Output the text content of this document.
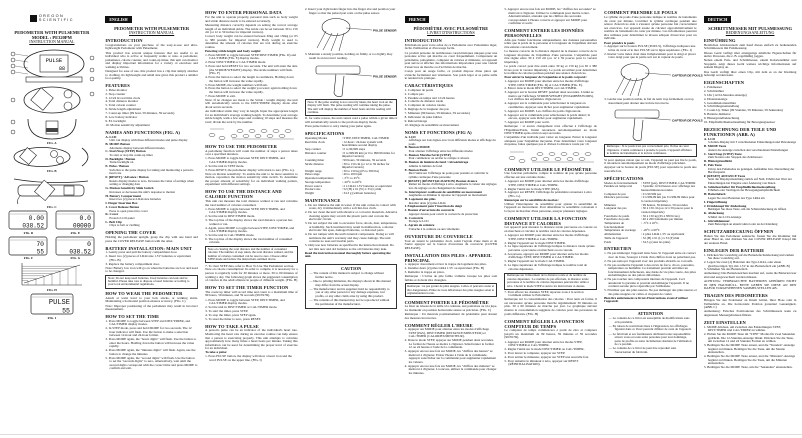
OREGON
SCIENTIFIC
PEDOMETER WITH PULSEMETER
MODEL : PE320PM
INSTRUCTION MANUAL
PULSE
88
FIG. A
FIG. B
FIG. C
0.00
038.52
FIG. D
0.0
00000
FIG. E
70
55
FIG. F
0
038.52
FIG. G
FIG. H
PULSE
55
FIG. I
ENGLISH
PEDOMETER WITH PULSEMETER
INSTRUCTION MANUAL
INTRODUCTION
Congratulations on your purchase of the easy-to-use and ultra-lightweight Pedometer with Pulsemeter.
This product has several unique features that are useful to an individual who is active or frequently walks or runs. A pedometer, pulsemeter, calorie counter, and count-up timer, this unit can monitor and display important information for a variety of exercises and walking activities.
Designed for ease of use, this product has a clip that simply attaches to clothing. Its lightweight and small size gives this product a smaller foot quality.
FEATURES
1. Pulse monitor
2. Step counter
3. 12/24 hr real time clock
4. Total distance monitor
5. Total calorie counter
6. Stride length adjustment
7. Count-up timer (99 hour, 59 minutes, 59 seconds)
8. Low battery indicator
9. EL backlight
10. Motion sensitivity adjustment
NAMES AND FUNCTIONS (FIG. A)
A. LCD
Unit can display with three different modes and pulse display
B. MODE Button
Alternates display between different modes
C. Start/Stop (STEP) Button
To start or stop the count-up timer
D. Backlight / Button
Turns backlight on
E. Pulse / Button
Switches to the pulse display for taking and monitoring a person's heart rate
F. [RESET] / Advance / Button
Resets display modes to zero. Increases the value of settings when setting or changing data
G. Motion Sensitivity Slide Switch
Increases or decreases the unit's response to motion
H. Battery Compartment
Insert two (2) pieces LR44 size batteries
I. Finger Insertion Box
J. Cover Release Button
Press to open protective cover
K. Cover
Protects LCD panel
L. Belt Clip
Clips to belt or clothing
OPENING THE COVER
Holding the pedometer upright, grasp the clip with one hand and press the COVER RELEASE button with the other.
BATTERY INSTALLATION: MAIN UNIT
1. Gently press and pull the battery compartment door.
2. Insert two (2) pieces of LR44 size 1.5V batteries or equivalent (FIG. B)
3. Replace the battery compartment door.
Note: Battery low icon will go on when the batteries are low and need to be changed.
Note: Do not keep used batteries. Used batteries can leak and be harmful. Please take care to dispose of used batteries according to your local environmental regulations.
HOW TO WEAR THE PEDOMETER
Attach at waist level to your belt, slacks, or walking skirts. Maintaining a horizontal position ensures accuracy. (FIG. C)
Note: Improper positioning of the pedometer may result in incorrect measurement.
HOW TO SET THE TIME
1. Press MODE to toggle between STEP and DIST/TIMER, and CAL/TIMER display modes.
2. In STEP mode, press and hold MODE for two seconds. The 12 hour indicator will flash. Use the button to make a selection between 12-hour and 24-hour format.
3. Press MODE again, the "hours digits" will flash. Use the button to enter the hours. Holding down the button will increase the value rapidly.
4. Press MODE again, the "minutes digits" will flash. Again, use the button to change the minutes.
5. Press MODE again, the "second digits" will flash. Use the button to set the "seconds digits" to zero. Alternatively, wait until the second digits correspond with the correct time and press MODE to confirm and exit.
HOW TO ENTER PERSONAL DATA
For the unit to operate properly, personal data such as body weight and stride distance needs to be entered accurately.
Measuring distance correctly depends on setting the correct average length of an individual stride. The stride can be set between 30 to 150 cm (or 12 to 59 inches for imperial version).
Correct body weight can be entered between 30kg and 150kg (or 65 to 380 pounds for imperial version). Body weight is used to determine the amount of calories that are lost during an exercise routine.
Entering stride length and body weight:
1. Press MODE to toggle between STEP/DIST/TIMER (FIG. D) and CAL/TIMER (FIG. E) display modes.
2. Enter DIST/TIMER or CAL/TIMER mode.
3. Press and hold RESET for two seconds. The unit will enter the data (the STRIDE/WEIGHT) display. The stride numbers will flash. (FIG. F)
4. Press the button to select the length in centimetre. Holding down the button will increase the value rapidly.
5. Press MODE, the weight numbers will flash.
6. Press the button to select the weight you want; again holding down the button will increase the value rapidly.
7. Press MODE to exit.
Note: If no changes are made to the Stride / weight display, the unit will automatically return to the DIST/TIMER display mode after about seven seconds.
An individual stride may vary in length. Input the appropriate length for an individual's average walking length. To determine your average stride length, walk a few steps and counting 10 steps and measure the total; divide the total by the number.
HOW TO USE THE PEDOMETER
A pedometer function will count the number of steps a person takes over a specified duration.
1. Press MODE to toggle between STEP, DIST/TIMER, and CAL/TIMER display modes.
2. Set the unit in STEP mode.
3. Press RESET, the pedometer display will return to zero (FIG. G).
Note on motion sensitivity: To enable the unit to be more sensitive to motion, reposition the motion sensitivity slide switch. To determine the proper amount of sensitivity for an individual walking pattern, experiment with different settings.
HOW TO USE THE DISTANCE AND CALORIE FUNCTION
This unit can measure the total distance walked or run and calculate the total number of calories consumed.
1. Press MODE to toggle between STEP, DIST/TIMER, and CAL/TIMER display modes.
2. Set the unit in DIST/TIMER mode.
3. The top line of the display shows the total distance a person has walked or ran.
4. Again, press MODE to toggle between STEP, DIST/TIMER, and CAL/TIMER display modes.
5. Set the unit in CAL/TIMER mode.
6. The top line of the display shows the total number of consumed calories.
Note on clearing the total distance and the number of consumed calories: The number of step taken, the total distance walked, and the number of calories consumed can be reset to zero. Choose either STEP mode and follow the instructions outlined above.
7. To clear STEP data, refer to How To Use The Pedometer section.
Note on calorie consumption: In order to compile, it is necessary for a person to regularly walk for 30 minutes or more. 30 to 60 minutes of walking a day. The following graph shows the suggested consumption of calories in the adult alliance in people of different weight. (FIG. H)
HOW TO SET THE TIMER FUNCTION
The count up timer will record time and count to a maximum time of 99 hours, 59 minutes, and 59 seconds (99:59:59).
1. Press MODE to toggle between STEP, DIST/TIMER, and CAL/TIMER display modes.
2. Set the unit in DIST/TIMER or CAL/TIMER mode.
3. To start the timer, press STEP.
4. To stop the timer, press STEP again.
5. To reset the timer to zero, press RESET.
HOW TO TAKE A PULSE
A person's pulse can be an indicator of the individual's heart rate. Monitoring the heart rate during an exercise routine can help ensure that a person is exercising properly. This unit attempts to calculate approximately how many times a heart beats per minute. Taking this information can be used for determining the proper level of exercise for an individual.
To take a pulse:
1. Press PULSE button, the display will show a heart icon and the word PULSE on the upper line. (FIG. I)
2. Insert your right index finger into the finger slot and position your finger so that the pulsed part rests on the pulse sensor.
PULSE SENSOR
3. Maintain a steady position, holding on firmly or too lightly may result in an incorrect reading.
PULSE SENSOR
Note: If the pulse reading is not correctly taken, the heart icon on the display will flash. The pulse reading will continue taking the pulse. The unit will display the number of heart beats and the reading will continue.
If, for some reason, the unit cannot read a pulse within a given time it will automatically return to the previous display mode.
Press pulse button to retry taking your pulse again.
SPECIFICATIONS
Operating Modes	: STEP, DIST/TIMER, CAL/TIMER
Real time clock	: 12-hour / 24-hour system with hour/minute second display
Step counter	: 0 to 99,999 steps
Distance counter	: 0 to 999.99 km (or 0 to 999.99 miles for imperial version)
Counting timer	: 99 hours, 59 minutes, 59 seconds
Stride distance	: 30 to 150 cm (or 12 to 59 inches for imperial version)
Weight range	: 30 to 150 kg (65 to 380 lbs)
Pulse range	: 40 to 200 bpm
Operation temperature	: -5°C to 45°C
Storage temperature	: -20°C to 60°C
Power source	: 2 x LR44 1.5V batteries or equivalent
Product size	: 52 (H) x 61 (W) x 33 (L) mm
Weight	: 34.3 g (without batteries)
MAINTENANCE
1. Do not immerse the unit in water. If the unit comes in contact with water, dry it immediately with a soft lint-free cloth.
2. Do not clean the unit with abrasive or corrosive materials. Abrasive cleaning agents may scratch the plastic parts and corrode the electronic circuit.
3. Do not subject the unit to excessive force, shock, dust, temperature, or humidity. Such treatment may result in malfunction, a shorter electronic life span, damaged batteries, or distorted parts.
4. Do not tamper with the unit's internal components. Doing so will terminate the unit's warranty and may cause damage. The unit contains no user-serviceable parts.
5. Only use new batteries as specified in the instruction manual. Do not mix new and old batteries as the old batteries may leak.
Read the instruction manual thoroughly before operating the unit.
CAUTION
— The content of this manual is subject to change without further notice.
— Due to printing limitation, the displays shown in this manual may differ from the actual display.
— The manufacturer and its suppliers hold no responsibility to you or any other person for any damage expenses, lost profits, or any other claim arise by using this product.
— The contents of this manual may not be reproduced without the permission of the manufacturer.
FRENCH
PÉDOMÈTRE AVEC PULSOMÈTRE
LIVRET D'INSTRUCTIONS
INTRODUCTION
Félicitations pour votre achat de ce Pédomètre avec Pulsomètre léger, facile d'utilisation et d'un usage facile.
Ce produit présente de nombreuses caractéristiques uniques pour une personne active qui marche ou court fréquemment. Comprenant un pédomètre, pulsomètre, compteur de calories et minuteur, cet appareil peut suivre et afficher des informations importantes pour une variété d'exercices de marche ou d'activités de marche.
Conçu pour un usage facile, ce produit dispose d'une pince qui s'attache facilement aux vêtements. Son poids léger et sa petite taille le rendent très pratique.
CARACTÉRISTIQUES
1. Compteur de pouls
2. Compte pas
3. Pendule en temps réel 12/24 heures
4. Contrôle de distance totale
5. Compteur de calories totales
6. Réglage de la longueur des pas
7. Minuteur (99 heures, 59 minutes, 59 secondes)
8. Indicateur de piles faibles
9. Rétroéclairage
10. Réglage de sensibilité au mouvement
NOMS ET FONCTIONS (FIG A)
A. LCD
Affichage sur trois lignes avec trois différents modes et affichage du pouls
B. Bouton MODE
Pour alterner l'affichage entre les différents modes
C. Bouton Marche/Arrêt [STEP]
Pour commencer ou arrêter le compte à rebours
D. Bouton de lumière de fond / rétroéclairage
Allume la lumière de fond
E. Bouton Pouls
Met l'unité sur l'affichage de pouls pour prendre et contrôler le rythme cardiaque d'une personne
F. [RESET] (RÉINITIALISATION) Bouton Avance
Remet les modes d'affichage à zéro. Augmente la valeur des réglages lors du réglage ou du changement de données
G. Interrupteur coulissant de sensibilité au mouvement
Augmente ou diminue la réponse de l'appareil au mouvement
H. Logement des piles
Installer deux (2) piles LR44
I. Emplacement pour l'insertion du doigt
J. Bouton d'ouverture du couvercle
Appuyer dessus pour ouvrir le couvercle de protection
K. Couvercle
Protège le LCD
L. Agrafe de ceinture
S'attache à la ceinture ou aux vêtements
OUVERTURE DU COUVERCLE
Tout en tenant le pédomètre droit, saisir l'agrafe d'une main et de l'autre appuyer sur le bouton d'ouverture du couvercle (COVER RELEASE).
INSTALLATION DES PILES : APPAREIL PRINCIPAL
1. Appuyer doucement et tirer la trappe du logement des piles.
2. Installer deux (2) piles LR44 1.5V ou équivalent (FIG. B)
3. Remettre la trappe en place.
Remarque : L'icône de pile faible s'allume lorsque les piles sont faibles et doivent être changées.
Remarque : ne pas garder de piles usagées. Celles-ci peuvent couler et être dangereuses. Prière de vous débarrasser des piles usagées selon la réglementation locale.
COMMENT PORTER LE PÉDOMÈTRE
Le fixer au niveau de la taille à la ceinture, aux pantalons ou à la jupe. Le maintenir en position horizontale assure sa précision. (FIG. C)
Remarque : Un mauvais positionnement du pédomètre peut donner des mesures incorrectes.
COMMENT RÉGLER L'HEURE
1. Appuyer sur MODE pour alterner entre les modes d'affichage STEP (PAS), DIST/TIMER (DISTANCE/MINUTEUR) et CAL/TIMER (CALORIES/MINUTEUR).
2. Dans le mode STEP, appuyer sur MODE pendant deux secondes. Le format de l'heure se mettra à clignoter. Sélectionner le format 12 ou 24 heures à l'aide de la commande.
3. Appuyer encore une fois sur MODE, les "chiffres des heures" se mettront à clignoter. Entrer l'heure à l'aide de la commande. Appuyer sans lâcher sur la commande pour augmenter rapidement les valeurs.
4. Appuyer encore une fois sur MODE, les "chiffres des minutes" se mettront à clignoter. Là encore, utiliser la commande pour changer les minutes.
5. Appuyer encore une fois sur MODE, les "chiffres des secondes" se mettront à clignoter. Utiliser la commande pour mettre à zéro. Alternativement, attendez que les chiffres des secondes correspondent à l'heure correcte et appuyer sur MODE pour confirmer et sortir.
COMMENT ENTRER LES DONNÉES PERSONNELLES
Afin que l'unité fonctionne adéquatement, des données personnelles telles que le poids de la personne et la longueur de l'enjambée doivent être entrées correctement.
La mesure correcte de la distance dépend de la mesure correcte de la longueur moyenne de l'enjambée d'une personne. L'enjambée peut être réglée entre 30 à 150 cm (ou 12 à 59 pouces pour la version impériale).
Le poids correct peut être entré entre 30 kg et 150 kg (ou 65 à 380 livres pour la version impériale). Le poids est utilisé pour déterminer le nombre de calories perdues pendant une séance d'exercices.
Pour entrer la longueur de l'enjambée et le poids corporel :
1. Appuyer sur MODE pour alterner entre les modes d'affichage STEP, DIST/TIMER (FIG. D) et CAL/TIMER (FIG. E).
2. Entrer dans le mode DIST/TIMER ou CAL/TIMER.
3. Appuyer sur le bouton RESET pendant deux secondes. L'unité se mettra sur l'affichage STRIDE/WEIGHT (ENJAMBÉE/POIDS). Les chiffres des enjambées clignoteront.
4. Appuyer sur la commande pour sélectionner la longueur en centimètres. Appuyer sans lâcher pour augmenter rapidement.
5. Appuyer sur MODE. Les chiffres du poids clignoteront.
6. Appuyer sur la commande pour sélectionner le poids désiré; là encore, appuyer sans lâcher pour augmenter rapidement.
7. Appuyer sur MODE pour sortir.
Remarque : si aucun changement n'est effectué à l'affichage de l'Enjambée/Poids, l'unité retournera automatiquement au mode DIST/TIMER après environ sept secondes.
L'enjambée d'un individu peut varier en longueur. Entrer la longueur adéquate pour l'enjambée moyenne. Pour déterminer votre longueur moyenne, faites quelques pas et divisez la distance totale par 10.
COMMENT UTILISER LE PÉDOMÈTRE
Une fonction pédomètre compte le nombre de pas qu'une personne effectue sur une certaine durée.
1. Appuyer sur MODE pour alterner entre les modes d'affichage STEP, DIST/TIMER et CAL/TIMER.
2. Régler l'unité sur le mode STEP (PAS).
3. Appuyer sur RESET, l'affichage du pédomètre retournera à zéro (FIG. G).
Remarque sur la sensibilité de motion :
Utiliser l'interrupteur de sensibilité pour ajuster la sensibilité de l'appareil au mouvement. Pour déterminer la sensibilité convenant à la façon de marcher d'une personne, essayer plusieurs réglages.
COMMENT UTILISER LA FONCTION DISTANCE ET CALORIES
Cet appareil peut mesurer la distance totale parcourue en courant ou en marchant et calculer le nombre total de calories dépensées.
1. Appuyer sur MODE pour alterner entre les modes d'affichage STEP, DIST/TIMER et CAL/TIMER.
2. Régler l'appareil sur le mode DIST/TIMER.
3. La ligne supérieure de l'affichage indique la distance totale qu'une personne a parcourue en marchant ou en courant.
4. A nouveau, appuyer sur MODE pour alterner entre les modes d'affichage STEP, DIST/TIMER et CAL/TIMER.
5. Régler l'appareil sur le mode CAL/TIMER.
6. La ligne supérieure de l'affichage indique le nombre total de calories dépensées.
Remarque sur l'effacement de la distance totale et du nombre de calories dépensées : Le nombre de pas effectués, la distance totale parcourue et le nombre de calories dépensées peuvent être remis à zéro. Choisir le mode STEP et suivre les instructions ci-dessus.
7. Pour effacer les données STEP, reportez-vous à la section Comment utiliser le Pédomètre.
Remarque sur la consommation des calories : Pour tenir en forme, il est nécessaire qu'une personne marche régulièrement 30 minutes ou plus. 30 à 60 minutes de marche par jour. Le graphique suivant montre la consommation suggérée de calories pour des personnes de poids différents. (FIG. H)
COMMENT RÉGLER LA FONCTION COMPTEUR DE TEMPS
Le compteur de temps commencera à partir de zéro et comptera jusqu'à un maximum de 99 heures, 59 minutes et 59 secondes (99:59:59).
1. Appuyer sur MODE pour alterner entre les modes STEP, DIST/TIMER et CAL/TIMER.
2. Régler l'unité sur le mode DIST/TIMER ou CAL/TIMER.
3. Pour lancer le compteur, appuyer sur STEP.
4. Pour arrêter le minuteur, appuyer sur STEP une nouvelle fois.
5. Pour remettre le minuteur à zéro, appuyer sur RESET (RÉINITIALISATION).
COMMENT PRENDRE LE POULS
Le rythme du pouls d'une personne indique le nombre de battements du cœur par minute. Contrôler le rythme cardiaque pendant une séance d'exercices aide à s'assurer qu'une personne fait correctement ses exercices. Cet appareil essaie de calculer approximativement le nombre de battements du cœur par minute. Ces informations peuvent être utilisées pour déterminer le niveau adéquat d'exercices pour un individu.
Pour prendre le pouls
1. Appuyer sur le bouton PULSE (POULS), l'affichage indiquera une icône de cœur et le mot PULSE sur la ligne supérieure. (FIG. I)
2. Insérer votre index droit dans l'emplacement pour le doigt et placer votre doigt pour que la partie soit sur le capteur de pouls.
CAPTEUR DE POULS
3. Garder une position stable, le fait de tenir trop fermement ou trop doucement peut donner une lecture incorrecte.
CAPTEUR DE POULS
Remarque : Si le pouls n'est pas correctement pris, l'icône de cœur clignotera. L'unité continuera à prendre le pouls. L'appareil affichera le nombre de battements et la lecture continuera.
Si pour quelque raison que ce soit, l'appareil ne peut pas lire le pouls, il retournera automatiquement au mode d'affichage précédent.
Appuyer sur le bouton de pouls (PULSE) pour reprendre le pouls une nouvelle fois.
SPÉCIFICATIONS
Modes de fonctionnement	: STEP (pas), DIST/TIMER, CAL/TIMER
Pendule en temps réel	: Système 12/24 heures avec affichage des heures/minutes/secondes
Compteur de pas	: 0 à 99 999 pas
Distance parcourue	: 0 à 999,99 km (ou 0 à 999,99 miles pour la version impériale)
Minuteur	: 99 heures, 59 minutes, 59 secondes
Longueur des pas	: 30 à 150 cm (ou 12 à 59 pouces pour la version impériale)
Fourchette de poids	: 30 à 150 kg (65 à 380 livres)
Fourchette du pouls	: 40 à 200 battements par minute
Température de fonctionnement
: -5°C à 45°C
Température de stockage	: -20°C à 60°C
Alimentation	: 2 piles LR44 1,5V ou équivalent
Taille de l'appareil	: 52 (H) x 61 (L) x 33 (P) mm
Poids	: 34,3 g (sans les piles)
ENTRETIEN
1. Ne pas immerger l'appareil dans l'eau. Si l'appareil entre en contact avec de l'eau, l'essuyer à l'aide d'un chiffon doux ne peluchant pas.
2. Ne pas nettoyer l'appareil avec des produits abrasifs ou corrosifs.
3. Ne pas soumettre l'appareil à des excès de force, chocs, poussière, température ou humidité. Ce traitement pourrait entraîner un fonctionnement défectueux, une durée de vie plus courte, des piles endommagées ou des pièces déformées.
4. Ne pas toucher aux composants internes de l'appareil. Ceci annulerait la garantie et pourrait endommager l'appareil. Il ne contient aucune pièce réparable par l'utilisateur.
5. N'utiliser que des piles neuves. Ne pas mélanger des piles neuves et des piles usagées car celles-ci risquent de couler.
Bien lire entièrement ce livret d'instructions avant d'utiliser l'appareil.
ATTENTION
— Le contenu de ce livret est susceptible de modifications sans avis préalable.
— En raison de restrictions liées à l'impression, les affichages figurant dans ce livret peuvent différer de ceux de l'appareil.
— Le fabricant et ses fournisseurs déclinent toute responsabilité envers vous ou toute autre personne pour tout dommage, perte de profits ou autre réclamation résultant de l'utilisation de ce produit.
— Le contenu de ce livret ne peut être reproduit sans l'autorisation du fabricant.
DEUTSCH
SCHRITTMESSER MIT PULSMESSUNG
BEDIENUNGSANLEITUNG
EINFÜHRUNG
Herzlichen Glückwunsch zum Kauf dieses einfach zu bedienenden Schrittmessers mit Pulsmessung.
Dieses Gerät verfügt über einzigartige nützliche Eigenschaften für aktive Personen, die z. B. regelmäßig joggen.
Neben einem Puls- und Schrittmesser, einem Kalorienzähler und Stoppuhr, zeigt dieses Gerät weitere wichtige Informationen auf seinem Display an.
Das Gerät verfügt über einen Clip, mit dem es an der Kleidung befestigt werden kann.
EIGENSCHAFTEN
1. Pulsmesser
2. Schrittzähler
3. Uhr (12/24-Stunden-Anzeige)
4. Distanzanzeige
5. Gesamtkalorienzähler
6. Schrittlängeneinstellung
7. Count-Up Timer (99 Stunden, 59 Minuten, 59 Sekunden)
8. Batterie-Indikator
9. Hintergrundbeleuchtung
10. Empfindlichkeitseinstellung für Bewegungssensor
BEZEICHNUNG DER TEILE UND FUNKTIONEN (ABB. A)
A. LCD
3-Zeilen-Display mit 3 verschiedenen Einstellungen und Pulsanzeige
B. MODE Taste
Ändert die Anzeige zwischen den verschiedenen Einstellungen
C. Start/Stop (STEP) Taste
Zum Starten oder Stoppen des Zeitmessers
D. Hintergrundlicht
E. Puls Taste
Um in den Pulsmodus zu gelangen. Aufnahme bzw. Darstellung der Herzfrequenz
F. [RESET] ADVANCE Taste
Setzt die Displayeinstellung zurück auf Null. Erhöht den Wert der Einstellungen bei Eingabe oder Änderung von Daten
G. Schiebeschalter für Empfindlichkeitseinstellung
Erhöhen oder Verringern der Bewegungsempfindlichkeit
H. Batteriefach
Legen Sie zwei Batterien des Typs LR44 ein
I. Fingeröffnung
J. Drückknopf für Abdeckung
Betätigen Sie diese Taste, um die Schutzabdeckung zu öffnen
K. Abdeckung
Schützt das LCD-Anzeige
L. Gürtelklammer
Zum Befestigen an einem Gürtel oder an der Kleidung
SCHUTZABDECKUNG ÖFFNEN
Halten Sie den Pedometer senkrecht, fassen Sie die Klammer mit einer Hand an, und drücken Sie den COVER RELEASE Knopf mit der anderen Hand.
EINLEGEN DER BATTERIE
1. Drücken Sie vorsichtig auf die Batteriefachabdeckung und ziehen Sie diese vorsichtig auf.
2. Legen Sie zwei (2) Batterien des Typs LR44, oder einen gleichwertigen Typ mit 1.5V in das Batteriefach ein (ABB. B)
3. Schließen Sie das Batteriefach.
Anmerkung: Das Batteriezeichen leuchtet auf, wenn die Batterien leer sind und ausgewechselt werden müssen.
ACHTUNG: VERBRAUCHTE BATTERIEN GEHÖREN NICHT IN DEN HAUSMÜLL. BITTE GEBEN SIE DIESE AN DEN DAFÜR VORGESEHENEN SAMMELSTELLEN AB.
TRAGEN DES PEDOMETERS
Bringen Sie den Pedometer an Ihrem Gürtel, Ihrer Hose oder in Taillenhöhe an. Die horizontale Position garantiert Genauigkeit. (ABB. C)
Anmerkung: Falsches Positionieren des Schrittmessers kann zu ungenauen Messergebnissen führen.
ZEIT EINSTELLEN
1. MODE drücken, um zwischen den Einstellungen STEP, DIST/TIMER und CAL/TIMER zu wählen.
2. Halten Sie die MODE Taste im "STEP" Modus für zwei Sekunden gedrückt. Die 12-Stunden-Anzeige blinkt. Drücken Sie die Taste, um zwischen 12 und 24 Stunden Format zu wählen.
3. Betätigen Sie die MODE Taste erneut, und die "Stunden"-Anzeige beginnt zu blinken. Betätigen Sie die Taste, um die Stunde einzustellen.
4. Betätigen Sie die MODE Taste erneut, und die "Minuten"-Anzeige beginnt zu blinken. Betätigen Sie die Taste, um die Minuten einzustellen.
5. Betätigen Sie die MODE Taste, um die "Sekunden" einzustellen.
